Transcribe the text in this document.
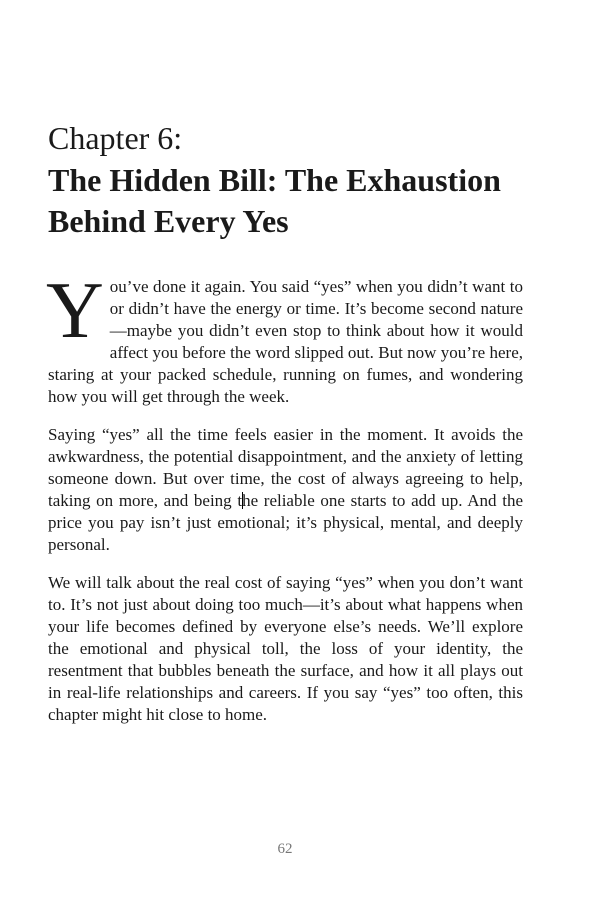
Chapter 6:
The Hidden Bill: The Exhaustion
Behind Every Yes

You’ve done it again. You said “yes” when you didn’t want to or didn’t have the energy or time. It’s become second nature—maybe you didn’t even stop to think about how it would affect you before the word slipped out. But now you’re here, staring at your packed schedule, running on fumes, and wondering how you will get through the week.

Saying “yes” all the time feels easier in the moment. It avoids the awkwardness, the potential disappointment, and the anxiety of letting someone down. But over time, the cost of always agreeing to help, taking on more, and being the reliable one starts to add up. And the price you pay isn’t just emotional; it’s physical, mental, and deeply personal.

We will talk about the real cost of saying “yes” when you don’t want to. It’s not just about doing too much—it’s about what happens when your life becomes defined by everyone else’s needs. We’ll explore the emotional and physical toll, the loss of your identity, the resentment that bubbles beneath the surface, and how it all plays out in real-life relationships and careers. If you say “yes” too often, this chapter might hit close to home.

62
